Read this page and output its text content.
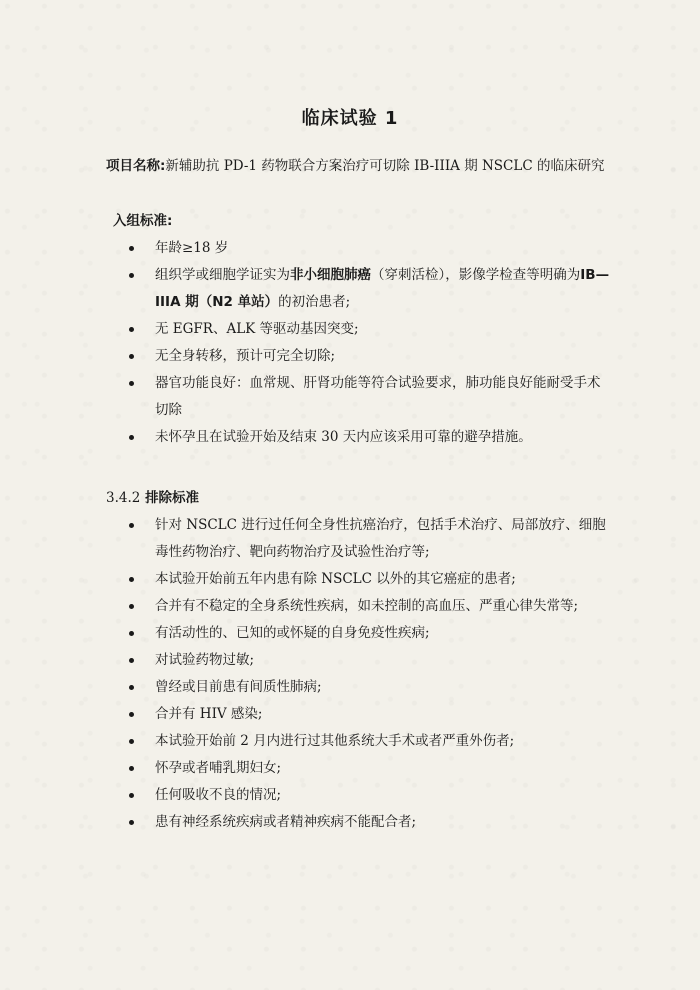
临床试验 1
项目名称:新辅助抗 PD-1 药物联合方案治疗可切除 IB-IIIA 期 NSCLC 的临床研究
入组标准:
年龄≥18 岁
组织学或细胞学证实为非小细胞肺癌（穿刺活检），影像学检查等明确为IB—IIIA 期（N2 单站）的初治患者;
无 EGFR、ALK 等驱动基因突变;
无全身转移，预计可完全切除;
器官功能良好：血常规、肝肾功能等符合试验要求，肺功能良好能耐受手术切除
未怀孕且在试验开始及结束 30 天内应该采用可靠的避孕措施。
3.4.2 排除标准
针对 NSCLC 进行过任何全身性抗癌治疗，包括手术治疗、局部放疗、细胞毒性药物治疗、靶向药物治疗及试验性治疗等;
本试验开始前五年内患有除 NSCLC 以外的其它癌症的患者;
合并有不稳定的全身系统性疾病，如未控制的高血压、严重心律失常等;
有活动性的、已知的或怀疑的自身免疫性疾病;
对试验药物过敏;
曾经或目前患有间质性肺病;
合并有 HIV 感染;
本试验开始前 2 月内进行过其他系统大手术或者严重外伤者;
怀孕或者哺乳期妇女;
任何吸收不良的情况;
患有神经系统疾病或者精神疾病不能配合者;
